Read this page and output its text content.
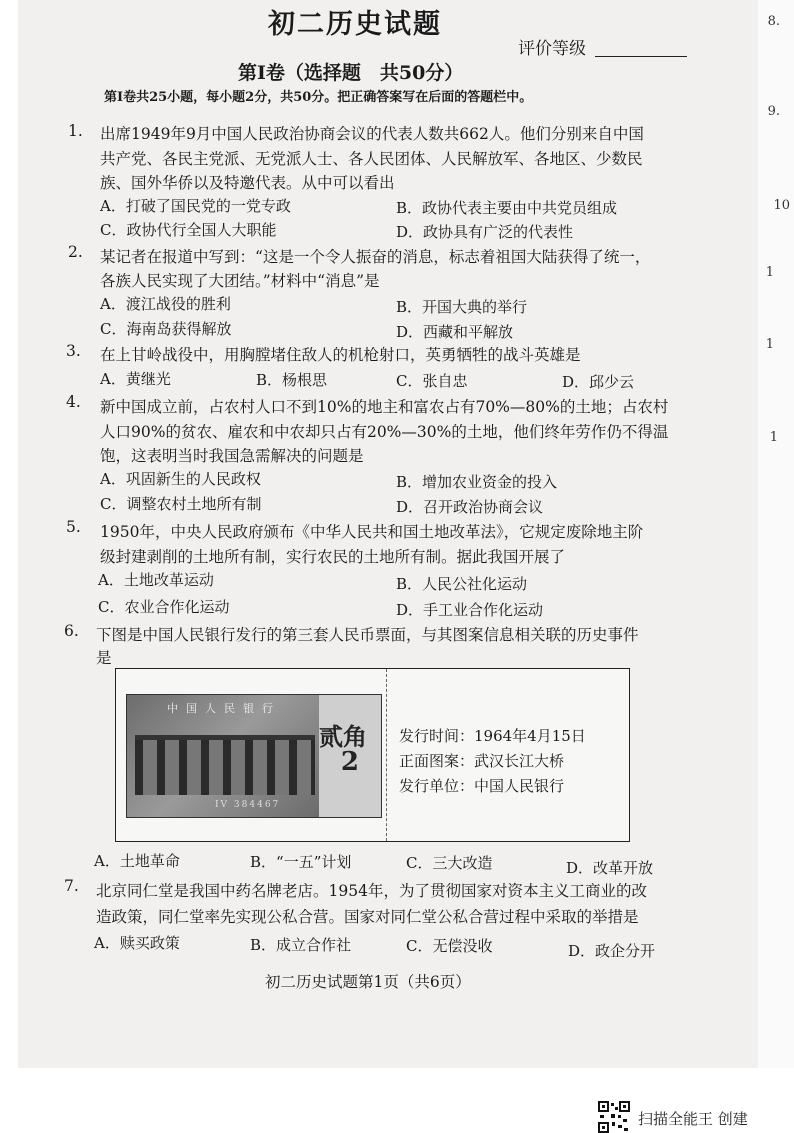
8.
9.
10
1
1
1
初二历史试题
评价等级
第Ⅰ卷（选择题　共50分）
第Ⅰ卷共25小题，每小题2分，共50分。把正确答案写在后面的答题栏中。
1. 出席1949年9月中国人民政治协商会议的代表人数共662人。他们分别来自中国
共产党、各民主党派、无党派人士、各人民团体、人民解放军、各地区、少数民
族、国外华侨以及特邀代表。从中可以看出
A．打破了国民党的一党专政	B．政协代表主要由中共党员组成
C．政协代行全国人大职能	D．政协具有广泛的代表性
2. 某记者在报道中写到：“这是一个令人振奋的消息，标志着祖国大陆获得了统一，
各族人民实现了大团结。”材料中“消息”是
A．渡江战役的胜利	B．开国大典的举行
C．海南岛获得解放	D．西藏和平解放
3. 在上甘岭战役中，用胸膛堵住敌人的机枪射口，英勇牺牲的战斗英雄是
A．黄继光	B．杨根思	C．张自忠	D．邱少云
4. 新中国成立前，占农村人口不到10%的地主和富农占有70%—80%的土地；占农村
人口90%的贫农、雇农和中农却只占有20%—30%的土地，他们终年劳作仍不得温
饱，这表明当时我国急需解决的问题是
A．巩固新生的人民政权	B．增加农业资金的投入
C．调整农村土地所有制	D．召开政治协商会议
5. 1950年，中央人民政府颁布《中华人民共和国土地改革法》，它规定废除地主阶
级封建剥削的土地所有制，实行农民的土地所有制。据此我国开展了
A．土地改革运动	B．人民公社化运动
C．农业合作化运动	D．手工业合作化运动
6. 下图是中国人民银行发行的第三套人民币票面，与其图案信息相关联的历史事件
是
中国人民银行
贰角
2
IV 384467
发行时间：1964年4月15日
正面图案：武汉长江大桥
发行单位：中国人民银行
A．土地革命	B．“一五”计划	C．三大改造	D．改革开放
7. 北京同仁堂是我国中药名牌老店。1954年，为了贯彻国家对资本主义工商业的改
造政策，同仁堂率先实现公私合营。国家对同仁堂公私合营过程中采取的举措是
A．赎买政策	B．成立合作社	C．无偿没收	D．政企分开
初二历史试题第1页（共6页）
扫描全能王 创建
